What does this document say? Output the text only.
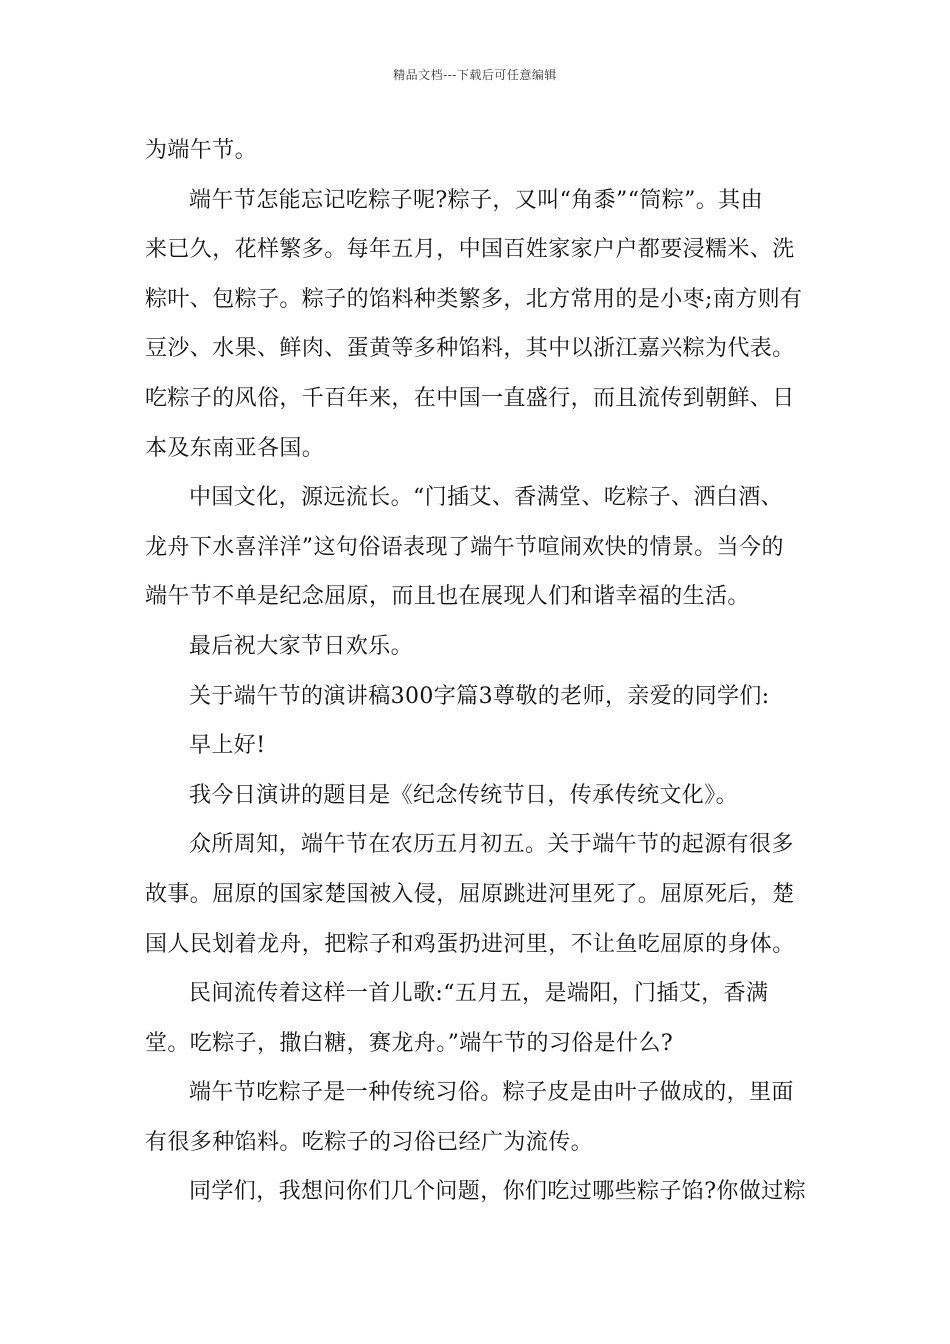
精品文档---下载后可任意编辑
为端午节。
端午节怎能忘记吃粽子呢?粽子，又叫“角黍”“筒粽”。其由
来已久，花样繁多。每年五月，中国百姓家家户户都要浸糯米、洗
粽叶、包粽子。粽子的馅料种类繁多，北方常用的是小枣;南方则有
豆沙、水果、鲜肉、蛋黄等多种馅料，其中以浙江嘉兴粽为代表。
吃粽子的风俗，千百年来，在中国一直盛行，而且流传到朝鲜、日
本及东南亚各国。
中国文化，源远流长。“门插艾、香满堂、吃粽子、洒白酒、
龙舟下水喜洋洋”这句俗语表现了端午节喧闹欢快的情景。当今的
端午节不单是纪念屈原，而且也在展现人们和谐幸福的生活。
最后祝大家节日欢乐。
关于端午节的演讲稿300字篇3尊敬的老师，亲爱的同学们:
早上好!
我今日演讲的题目是《纪念传统节日，传承传统文化》。
众所周知，端午节在农历五月初五。关于端午节的起源有很多
故事。屈原的国家楚国被入侵，屈原跳进河里死了。屈原死后，楚
国人民划着龙舟，把粽子和鸡蛋扔进河里，不让鱼吃屈原的身体。
民间流传着这样一首儿歌:“五月五，是端阳，门插艾，香满
堂。吃粽子，撒白糖，赛龙舟。”端午节的习俗是什么?
端午节吃粽子是一种传统习俗。粽子皮是由叶子做成的，里面
有很多种馅料。吃粽子的习俗已经广为流传。
同学们，我想问你们几个问题，你们吃过哪些粽子馅?你做过粽
